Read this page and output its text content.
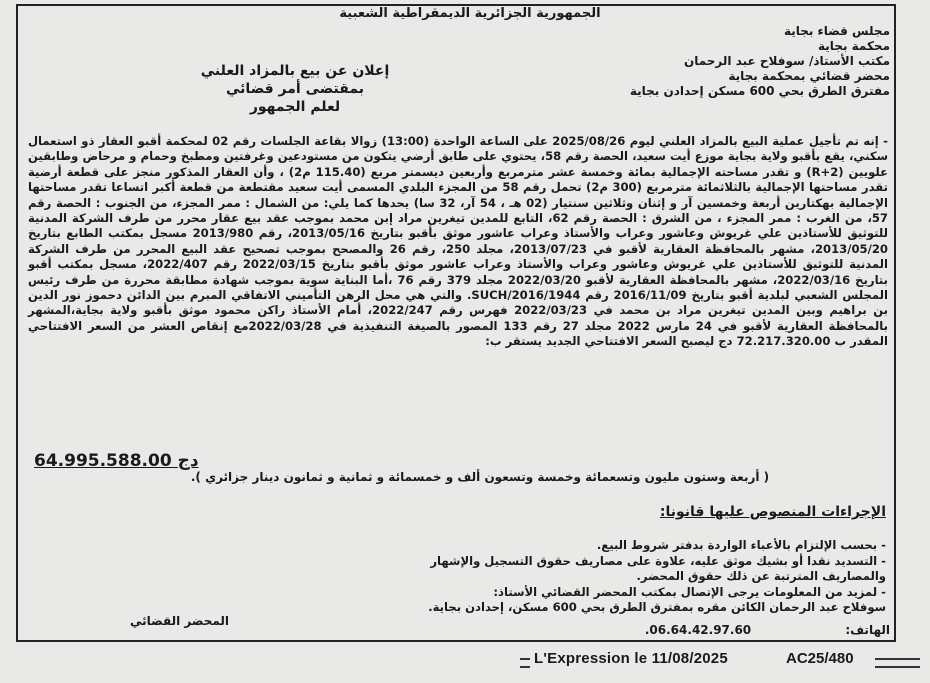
الجمهورية الجزائرية الديمقراطية الشعبية
مجلس قضاء بجاية
محكمة بجاية
مكتب الأستاذ/ سوفلاح عبد الرحمان
محضر قضائي بمحكمة بجاية
مفترق الطرق بحي 600 مسكن إحدادن بجاية
إعلان عن بيع بالمزاد العلني
بمقتضى أمر قضائي
لعلم الجمهور
- إنه تم تأجيل عملية البيع بالمزاد العلني ليوم 2025/08/26 على الساعة الواحدة (13:00) زوالا بقاعة الجلسات رقم 02 لمحكمة أقبو العقار ذو استعمال سكني، يقع بأقبو ولاية بجاية موزع أيت سعيد، الحصة رقم 58، يحتوي على طابق أرضي يتكون من مستودعين وغرفتين ومطبخ وحمام و مرحاض وطابقين علويين (R+2) و تقدر مساحته الإجمالية بمائة وخمسة عشر مترمربع وأربعين ديسمتر مربع (115.40 م2) ، وأن العقار المذكور منجز على قطعة أرضية تقدر مساحتها الإجمالية بالثلاثمائة مترمربع (300 م2) تحمل رقم 58 من المجزء البلدي المسمى أيت سعيد مقتطعة من قطعة أكبر اتساعا تقدر مساحتها الإجمالية بهكتارين أربعة وخمسين آر و إثنان وثلاثين سنتيار (02 هـ ، 54 آر، 32 سا) يحدها كما يلي: من الشمال : ممر المجزء، من الجنوب : الحصة رقم 57، من الغرب : ممر المجزء ، من الشرق : الحصة رقم 62، التابع للمدين تيغرين مراد إبن محمد بموجب عقد بيع عقار محرر من طرف الشركة المدنية للتوثيق للأستاذين علي غريوش وعاشور وعراب والأستاذ وعراب عاشور موثق بأقبو بتاريخ 2013/05/16، رقم 2013/980 مسجل بمكتب الطابع بتاريخ 2013/05/20، مشهر بالمحافظة العقارية لأقبو في 2013/07/23، مجلد 250، رقم 26 والمصحح بموجب تصحيح عقد البيع المحرر من طرف الشركة المدنية للتوثيق للأستاذين علي غريوش وعاشور وعراب والأستاذ وعراب عاشور موثق بأقبو بتاريخ 2022/03/15 رقم 2022/407، مسجل بمكتب أقبو بتاريخ 2022/03/16، مشهر بالمحافظة العقارية لأقبو 2022/03/20 مجلد 379 رقم 76 ،أما البناية سوية بموجب شهادة مطابقة محررة من طرف رئيس المجلس الشعبي لبلدية أقبو بتاريخ 2016/11/09 رقم 1944/SUCH/2016. والتي هي محل الرهن التأميني الاتفاقي المبرم بين الدائن دحموز نور الدين بن براهيم وبين المدين تيغرين مراد بن محمد في 2022/03/23 فهرس رقم 2022/247، أمام الأستاذ راكن محمود موثق بأقبو ولاية بجاية،المشهر بالمحافظة العقارية لأقبو في 24 مارس 2022 مجلد 27 رقم 133 المصور بالصيغة التنفيذية في 2022/03/28مع إنقاص العشر من السعر الافتتاحي المقدر ب 72.217.320.00 دج ليصبح السعر الافتتاحي الجديد يستقر ب:
64.995.588.00 دج
( أربعة وستون مليون وتسعمائة وخمسة وتسعون ألف و خمسمائة و ثمانية و ثمانون دينار جزائري ).
الإجراءات المنصوص عليها قانونا:
- بحسب الإلتزام بالأعباء الواردة بدفتر شروط البيع.
- التسديد نقدا أو بشيك موثق عليه، علاوة على مصاريف حقوق التسجيل والإشهار
والمصاريف المترتبة عن ذلك حقوق المحضر.
- لمزيد من المعلومات يرجى الإتصال بمكتب المحضر القضائي الأستاذ:
سوفلاح عبد الرحمان الكائن مقره بمفترق الطرق بحي 600 مسكن، إحدادن بجاية.
الهاتف: 06.64.42.97.60.
المحضر القضائي
L'Expression le 11/08/2025	AC25/480
